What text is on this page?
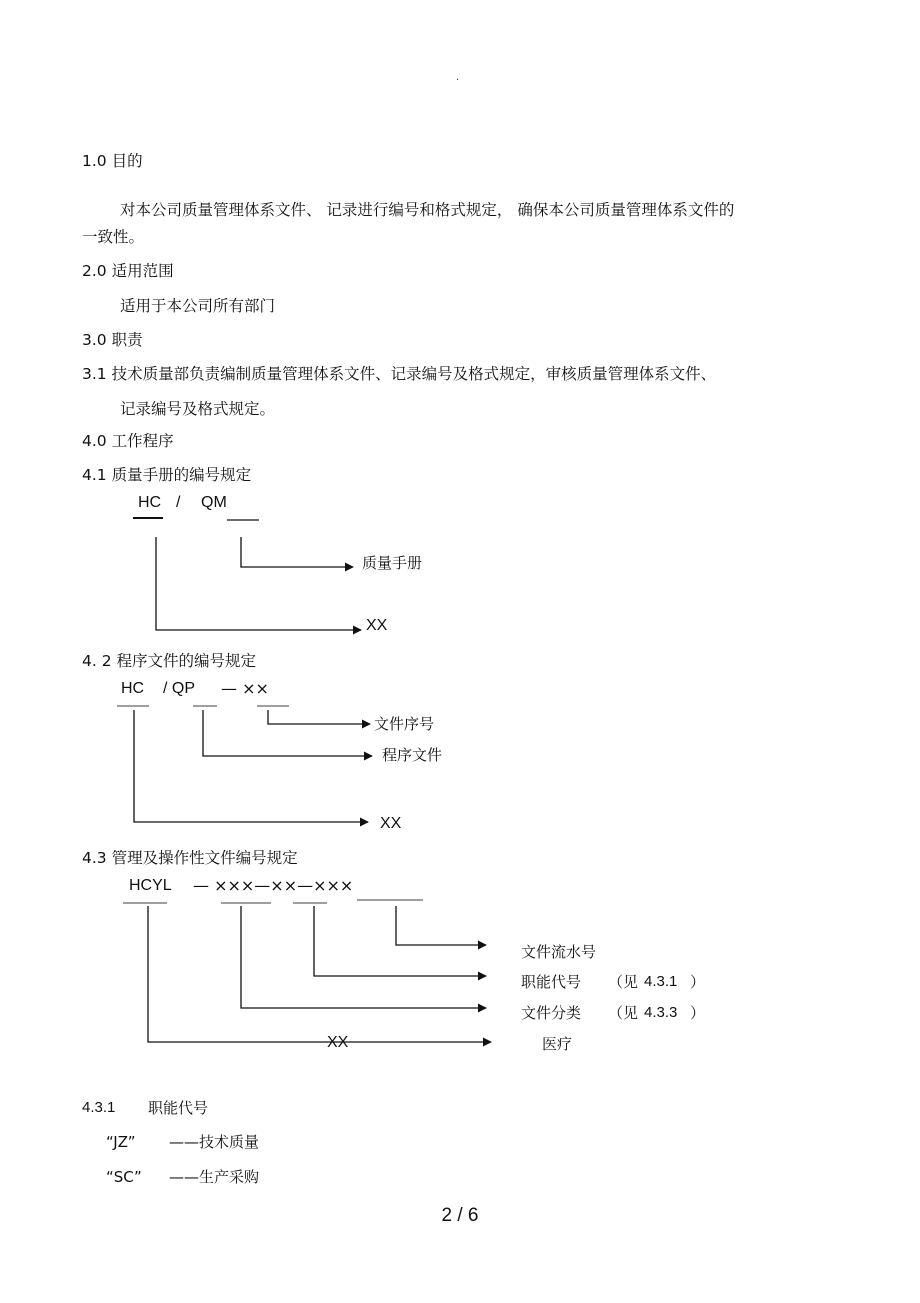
.
1.0 目的
对本公司质量管理体系文件、 记录进行编号和格式规定， 确保本公司质量管理体系文件的
一致性。
2.0 适用范围
适用于本公司所有部门
3.0 职责
3.1 技术质量部负责编制质量管理体系文件、记录编号及格式规定，审核质量管理体系文件、
记录编号及格式规定。
4.0 工作程序
4.1 质量手册的编号规定
HC / QM
质量手册
XX
4. 2 程序文件的编号规定
HC / QP — ××
文件序号
程序文件
XX
4.3 管理及操作性文件编号规定
HCYL — ×××—××—×××
文件流水号
职能代号 （见 4.3.1 ）
文件分类 （见 4.3.3 ）
XX	医疗
4.3.1 职能代号
“JZ” ——技术质量
“SC” ——生产采购
2 / 6
